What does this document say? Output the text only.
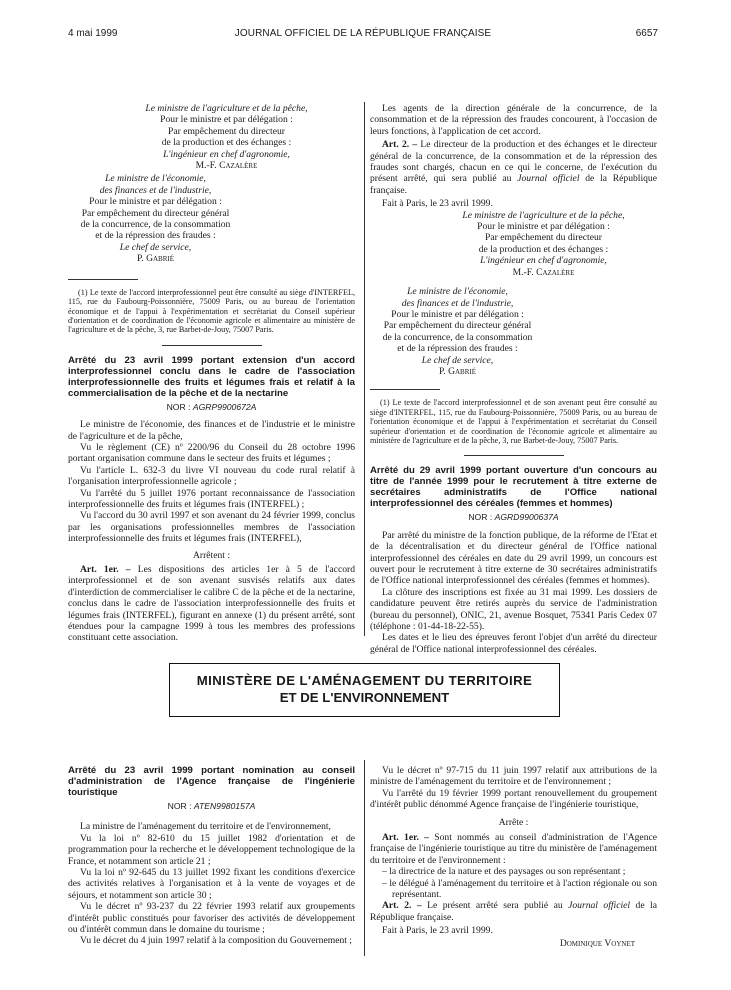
4 mai 1999	JOURNAL OFFICIEL DE LA RÉPUBLIQUE FRANÇAISE	6657
Le ministre de l'agriculture et de la pêche,
Pour le ministre et par délégation :
Par empêchement du directeur
de la production et des échanges :
L'ingénieur en chef d'agronomie,
M.-F. Cazalère
Le ministre de l'économie,
des finances et de l'industrie,
Pour le ministre et par délégation :
Par empêchement du directeur général
de la concurrence, de la consommation
et de la répression des fraudes :
Le chef de service,
P. Gabrié

(1) Le texte de l'accord interprofessionnel peut être consulté au siège d'INTERFEL, 115, rue du Faubourg-Poissonnière, 75009 Paris, ou au bureau de l'orientation économique et de l'appui à l'expérimentation et secrétariat du Conseil supérieur d'orientation et de coordination de l'économie agricole et alimentaire au ministère de l'agriculture et de la pêche, 3, rue Barbet-de-Jouy, 75007 Paris.

Arrêté du 23 avril 1999 portant extension d'un accord interprofessionnel conclu dans le cadre de l'association interprofessionnelle des fruits et légumes frais et relatif à la commercialisation de la pêche et de la nectarine
NOR : AGRP9900672A

Le ministre de l'économie, des finances et de l'industrie et le ministre de l'agriculture et de la pêche,

Vu le règlement (CE) nº 2200/96 du Conseil du 28 octobre 1996 portant organisation commune dans le secteur des fruits et légumes ;

Vu l'article L. 632-3 du livre VI nouveau du code rural relatif à l'organisation interprofessionnelle agricole ;

Vu l'arrêté du 5 juillet 1976 portant reconnaissance de l'association interprofessionnelle des fruits et légumes frais (INTERFEL) ;

Vu l'accord du 30 avril 1997 et son avenant du 24 février 1999, conclus par les organisations professionnelles membres de l'association interprofessionnelle des fruits et légumes frais (INTERFEL),

Arrêtent :

Art. 1er. – Les dispositions des articles 1er à 5 de l'accord interprofessionnel et de son avenant susvisés relatifs aux dates d'interdiction de commercialiser le calibre C de la pêche et de la nectarine, conclus dans le cadre de l'association interprofessionnelle des fruits et légumes frais (INTERFEL), figurant en annexe (1) du présent arrêté, sont étendues pour la campagne 1999 à tous les membres des professions constituant cette association.

Les agents de la direction générale de la concurrence, de la consommation et de la répression des fraudes concourent, à l'occasion de leurs fonctions, à l'application de cet accord.

Art. 2. – Le directeur de la production et des échanges et le directeur général de la concurrence, de la consommation et de la répression des fraudes sont chargés, chacun en ce qui le concerne, de l'exécution du présent arrêté, qui sera publié au Journal officiel de la République française.

Fait à Paris, le 23 avril 1999.

Le ministre de l'agriculture et de la pêche,
Pour le ministre et par délégation :
Par empêchement du directeur
de la production et des échanges :
L'ingénieur en chef d'agronomie,
M.-F. Cazalère
Le ministre de l'économie,
des finances et de l'industrie,
Pour le ministre et par délégation :
Par empêchement du directeur général
de la concurrence, de la consommation
et de la répression des fraudes :
Le chef de service,
P. Gabrié

(1) Le texte de l'accord interprofessionnel et de son avenant peut être consulté au siège d'INTERFEL, 115, rue du Faubourg-Poissonnière, 75009 Paris, ou au bureau de l'orientation économique et de l'appui à l'expérimentation et secrétariat du Conseil supérieur d'orientation et de coordination de l'économie agricole et alimentaire au ministère de l'agriculture et de la pêche, 3, rue Barbet-de-Jouy, 75007 Paris.

Arrêté du 29 avril 1999 portant ouverture d'un concours au titre de l'année 1999 pour le recrutement à titre externe de secrétaires administratifs de l'Office national interprofessionnel des céréales (femmes et hommes)
NOR : AGRD9900637A

Par arrêté du ministre de la fonction publique, de la réforme de l'Etat et de la décentralisation et du directeur général de l'Office national interprofessionnel des céréales en date du 29 avril 1999, un concours est ouvert pour le recrutement à titre externe de 30 secrétaires administratifs de l'Office national interprofessionnel des céréales (femmes et hommes).

La clôture des inscriptions est fixée au 31 mai 1999. Les dossiers de candidature peuvent être retirés auprès du service de l'administration (bureau du personnel), ONIC, 21, avenue Bosquet, 75341 Paris Cedex 07 (téléphone : 01-44-18-22-55).

Les dates et le lieu des épreuves feront l'objet d'un arrêté du directeur général de l'Office national interprofessionnel des céréales.

MINISTÈRE DE L'AMÉNAGEMENT DU TERRITOIRE
ET DE L'ENVIRONNEMENT
Arrêté du 23 avril 1999 portant nomination au conseil d'administration de l'Agence française de l'ingénierie touristique
NOR : ATEN9980157A

La ministre de l'aménagement du territoire et de l'environnement,

Vu la loi nº 82-610 du 15 juillet 1982 d'orientation et de programmation pour la recherche et le développement technologique de la France, et notamment son article 21 ;

Vu la loi nº 92-645 du 13 juillet 1992 fixant les conditions d'exercice des activités relatives à l'organisation et à la vente de voyages et de séjours, et notamment son article 30 ;

Vu le décret nº 93-237 du 22 février 1993 relatif aux groupements d'intérêt public constitués pour favoriser des activités de développement ou d'intérêt commun dans le domaine du tourisme ;

Vu le décret du 4 juin 1997 relatif à la composition du Gouvernement ;

Vu le décret nº 97-715 du 11 juin 1997 relatif aux attributions de la ministre de l'aménagement du territoire et de l'environnement ;

Vu l'arrêté du 19 février 1999 portant renouvellement du groupement d'intérêt public dénommé Agence française de l'ingénierie touristique,

Arrête :

Art. 1er. – Sont nommés au conseil d'administration de l'Agence française de l'ingénierie touristique au titre du ministère de l'aménagement du territoire et de l'environnement :

– la directrice de la nature et des paysages ou son représentant ;
– le délégué à l'aménagement du territoire et à l'action régionale ou son représentant.

Art. 2. – Le présent arrêté sera publié au Journal officiel de la République française.

Fait à Paris, le 23 avril 1999.

Dominique Voynet
